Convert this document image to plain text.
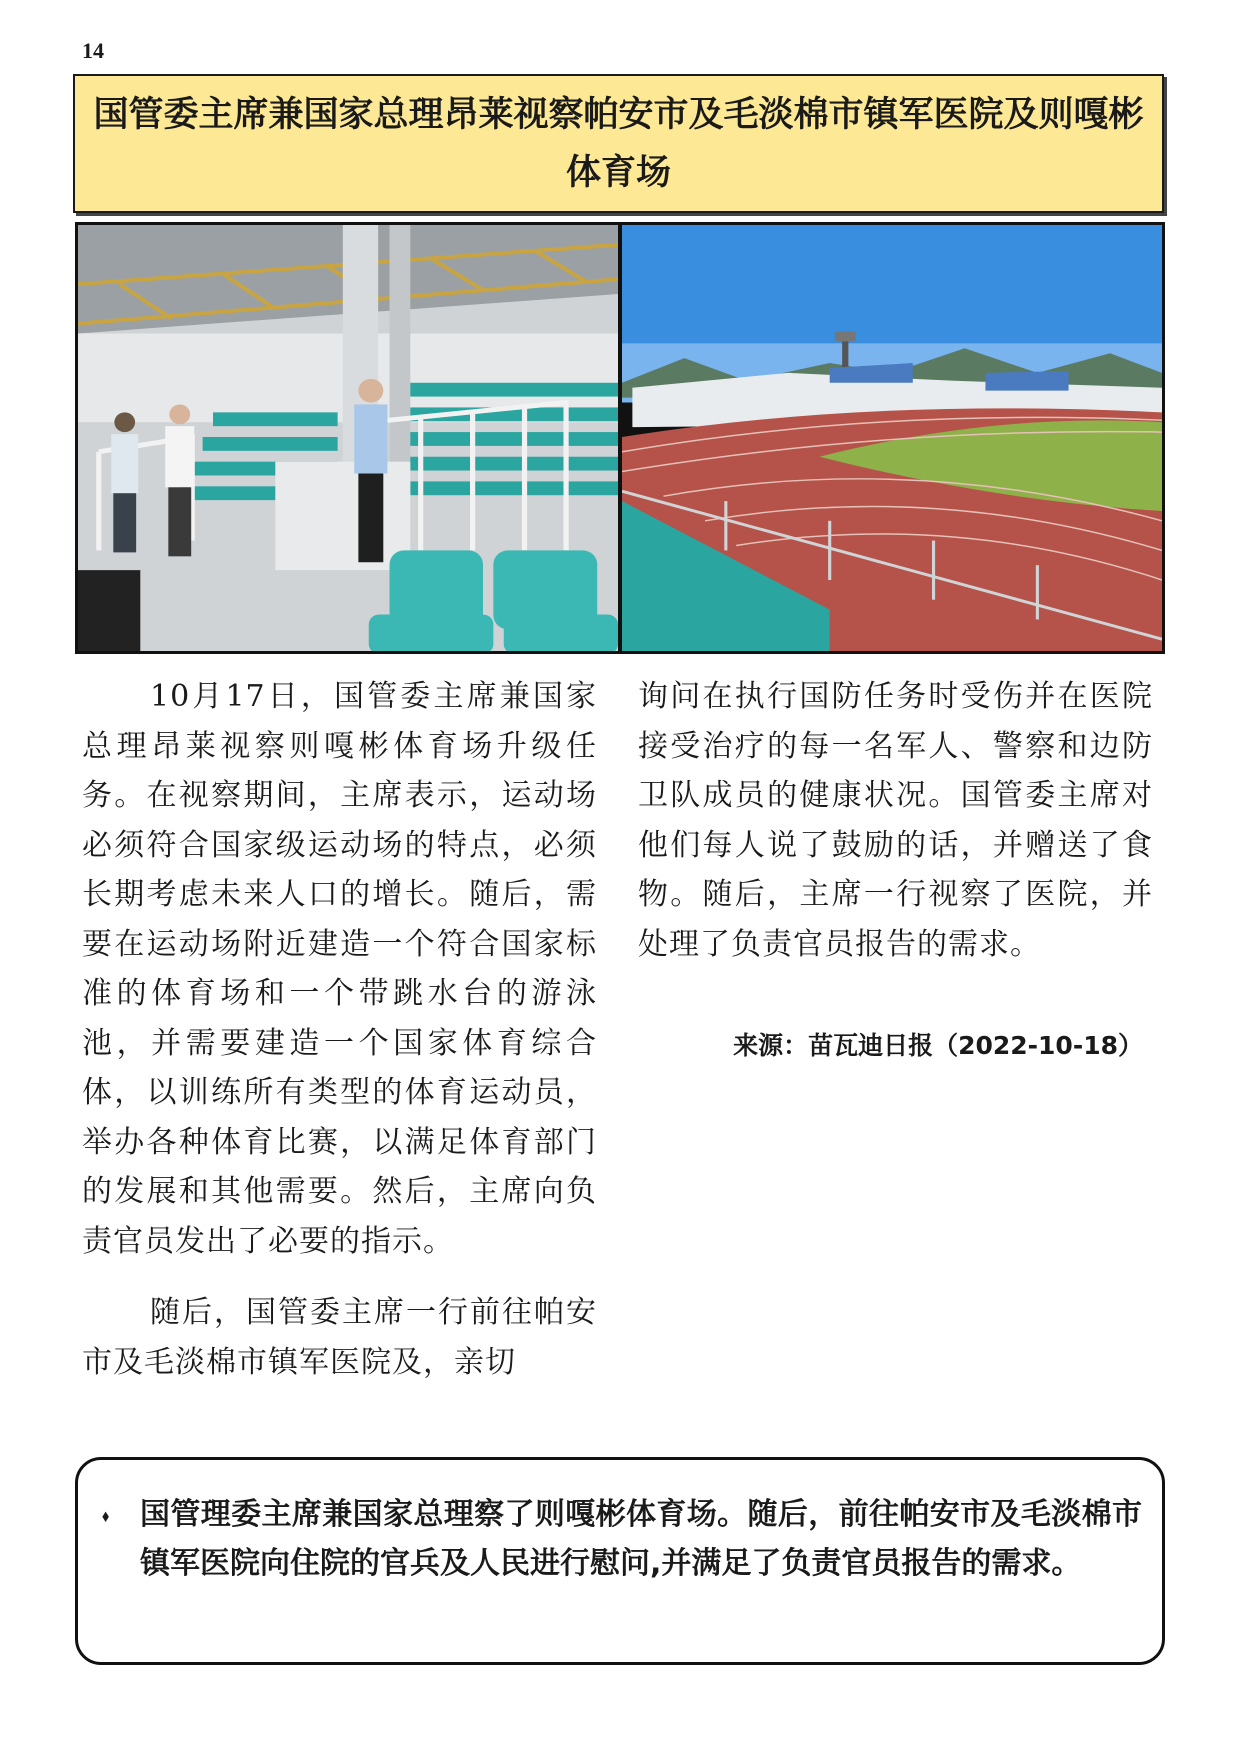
14
国管委主席兼国家总理昂莱视察帕安市及毛淡棉市镇军医院及则嘎彬体育场

10月17日，国管委主席兼国家总理昂莱视察则嘎彬体育场升级任务。在视察期间，主席表示，运动场必须符合国家级运动场的特点，必须长期考虑未来人口的增长。随后，需要在运动场附近建造一个符合国家标准的体育场和一个带跳水台的游泳池，并需要建造一个国家体育综合体，以训练所有类型的体育运动员，举办各种体育比赛，以满足体育部门的发展和其他需要。然后，主席向负责官员发出了必要的指示。

随后，国管委主席一行前往帕安市及毛淡棉市镇军医院及，亲切

询问在执行国防任务时受伤并在医院接受治疗的每一名军人、警察和边防卫队成员的健康状况。国管委主席对他们每人说了鼓励的话，并赠送了食物。随后，主席一行视察了医院，并处理了负责官员报告的需求。

来源：苗瓦迪日报（2022-10-18）

⬧ 国管理委主席兼国家总理察了则嘎彬体育场。随后，前往帕安市及毛淡棉市镇军医院向住院的官兵及人民进行慰问,并满足了负责官员报告的需求。
